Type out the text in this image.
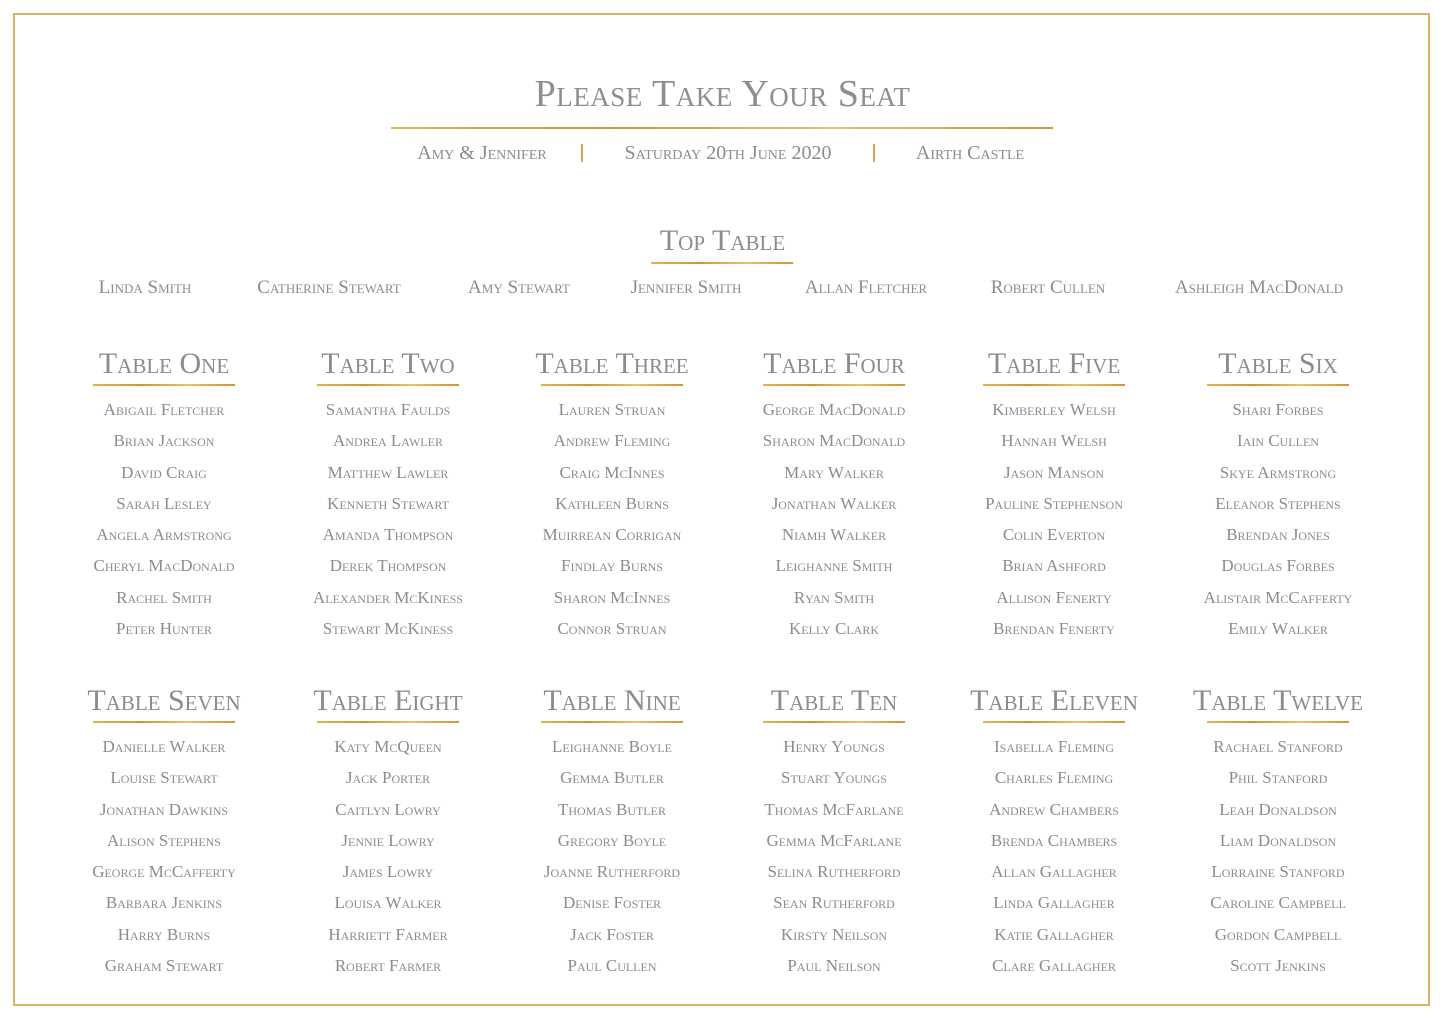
Please Take Your Seat
Amy & Jennifer	Saturday 20th June 2020	Airth Castle
Top Table
Linda Smith	Catherine Stewart	Amy Stewart	Jennifer Smith	Allan Fletcher	Robert Cullen	Ashleigh MacDonald
Table One
Abigail Fletcher
Brian Jackson
David Craig
Sarah Lesley
Angela Armstrong
Cheryl MacDonald
Rachel Smith
Peter Hunter
Table Two
Samantha Faulds
Andrea Lawler
Matthew Lawler
Kenneth Stewart
Amanda Thompson
Derek Thompson
Alexander McKiness
Stewart McKiness
Table Three
Lauren Struan
Andrew Fleming
Craig McInnes
Kathleen Burns
Muirrean Corrigan
Findlay Burns
Sharon McInnes
Connor Struan
Table Four
George MacDonald
Sharon MacDonald
Mary Walker
Jonathan Walker
Niamh Walker
Leighanne Smith
Ryan Smith
Kelly Clark
Table Five
Kimberley Welsh
Hannah Welsh
Jason Manson
Pauline Stephenson
Colin Everton
Brian Ashford
Allison Fenerty
Brendan Fenerty
Table Six
Shari Forbes
Iain Cullen
Skye Armstrong
Eleanor Stephens
Brendan Jones
Douglas Forbes
Alistair McCafferty
Emily Walker
Table Seven
Danielle Walker
Louise Stewart
Jonathan Dawkins
Alison Stephens
George McCafferty
Barbara Jenkins
Harry Burns
Graham Stewart
Table Eight
Katy McQueen
Jack Porter
Caitlyn Lowry
Jennie Lowry
James Lowry
Louisa Walker
Harriett Farmer
Robert Farmer
Table Nine
Leighanne Boyle
Gemma Butler
Thomas Butler
Gregory Boyle
Joanne Rutherford
Denise Foster
Jack Foster
Paul Cullen
Table Ten
Henry Youngs
Stuart Youngs
Thomas McFarlane
Gemma McFarlane
Selina Rutherford
Sean Rutherford
Kirsty Neilson
Paul Neilson
Table Eleven
Isabella Fleming
Charles Fleming
Andrew Chambers
Brenda Chambers
Allan Gallagher
Linda Gallagher
Katie Gallagher
Clare Gallagher
Table Twelve
Rachael Stanford
Phil Stanford
Leah Donaldson
Liam Donaldson
Lorraine Stanford
Caroline Campbell
Gordon Campbell
Scott Jenkins
